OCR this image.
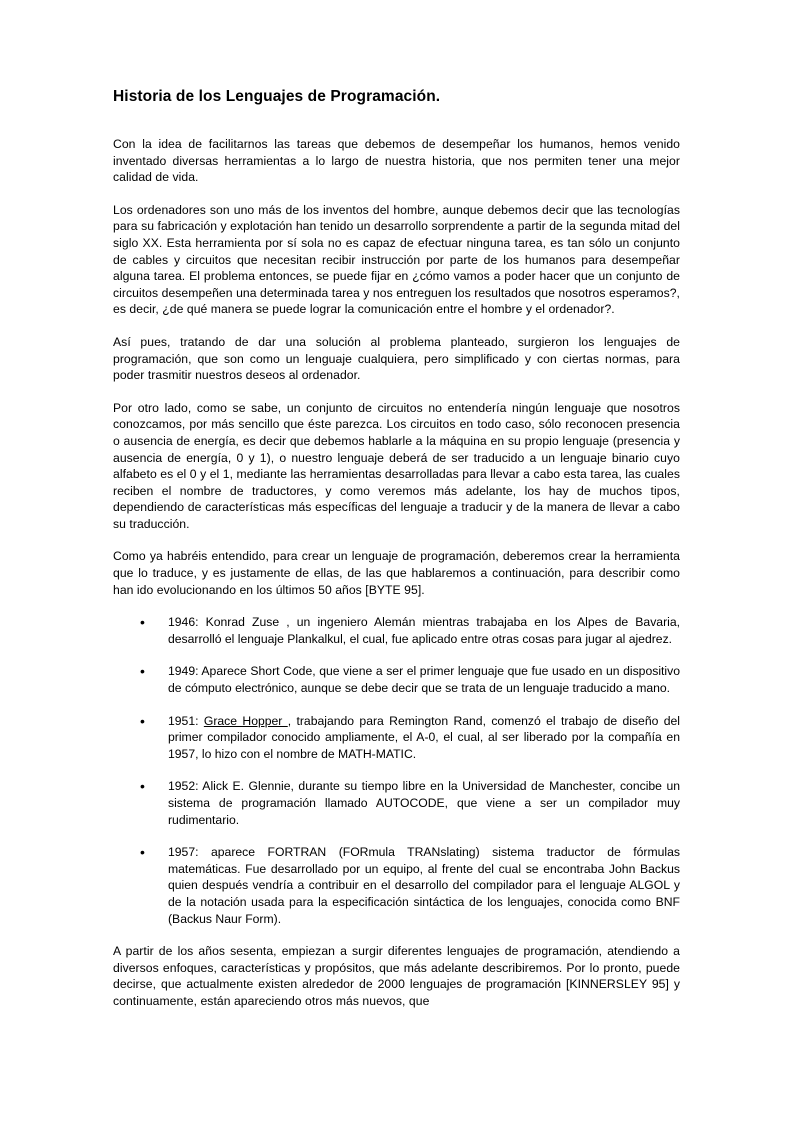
Historia de los Lenguajes de Programación.

Con la idea de facilitarnos las tareas que debemos de desempeñar los humanos, hemos venido inventado diversas herramientas a lo largo de nuestra historia, que nos permiten tener una mejor calidad de vida.

Los ordenadores son uno más de los inventos del hombre, aunque debemos decir que las tecnologías para su fabricación y explotación han tenido un desarrollo sorprendente a partir de la segunda mitad del siglo XX. Esta herramienta por sí sola no es capaz de efectuar ninguna tarea, es tan sólo un conjunto de cables y circuitos que necesitan recibir instrucción por parte de los humanos para desempeñar alguna tarea. El problema entonces, se puede fijar en ¿cómo vamos a poder hacer que un conjunto de circuitos desempeñen una determinada tarea y nos entreguen los resultados que nosotros esperamos?, es decir, ¿de qué manera se puede lograr la comunicación entre el hombre y el ordenador?.

Así pues, tratando de dar una solución al problema planteado, surgieron los lenguajes de programación, que son como un lenguaje cualquiera, pero simplificado y con ciertas normas, para poder trasmitir nuestros deseos al ordenador.

Por otro lado, como se sabe, un conjunto de circuitos no entendería ningún lenguaje que nosotros conozcamos, por más sencillo que éste parezca. Los circuitos en todo caso, sólo reconocen presencia o ausencia de energía, es decir que debemos hablarle a la máquina en su propio lenguaje (presencia y ausencia de energía, 0 y 1), o nuestro lenguaje deberá de ser traducido a un lenguaje binario cuyo alfabeto es el 0 y el 1, mediante las herramientas desarrolladas para llevar a cabo esta tarea, las cuales reciben el nombre de traductores, y como veremos más adelante, los hay de muchos tipos, dependiendo de características más específicas del lenguaje a traducir y de la manera de llevar a cabo su traducción.

Como ya habréis entendido, para crear un lenguaje de programación, deberemos crear la herramienta que lo traduce, y es justamente de ellas, de las que hablaremos a continuación, para describir como han ido evolucionando en los últimos 50 años [BYTE 95].

• 1946: Konrad Zuse , un ingeniero Alemán mientras trabajaba en los Alpes de Bavaria, desarrolló el lenguaje Plankalkul, el cual, fue aplicado entre otras cosas para jugar al ajedrez.
• 1949: Aparece Short Code, que viene a ser el primer lenguaje que fue usado en un dispositivo de cómputo electrónico, aunque se debe decir que se trata de un lenguaje traducido a mano.
• 1951: Grace Hopper , trabajando para Remington Rand, comenzó el trabajo de diseño del primer compilador conocido ampliamente, el A-0, el cual, al ser liberado por la compañía en 1957, lo hizo con el nombre de MATH-MATIC.
• 1952: Alick E. Glennie, durante su tiempo libre en la Universidad de Manchester, concibe un sistema de programación llamado AUTOCODE, que viene a ser un compilador muy rudimentario.
• 1957: aparece FORTRAN (FORmula TRANslating) sistema traductor de fórmulas matemáticas. Fue desarrollado por un equipo, al frente del cual se encontraba John Backus quien después vendría a contribuir en el desarrollo del compilador para el lenguaje ALGOL y de la notación usada para la especificación sintáctica de los lenguajes, conocida como BNF (Backus Naur Form).

A partir de los años sesenta, empiezan a surgir diferentes lenguajes de programación, atendiendo a diversos enfoques, características y propósitos, que más adelante describiremos. Por lo pronto, puede decirse, que actualmente existen alrededor de 2000 lenguajes de programación [KINNERSLEY 95] y continuamente, están apareciendo otros más nuevos, que
